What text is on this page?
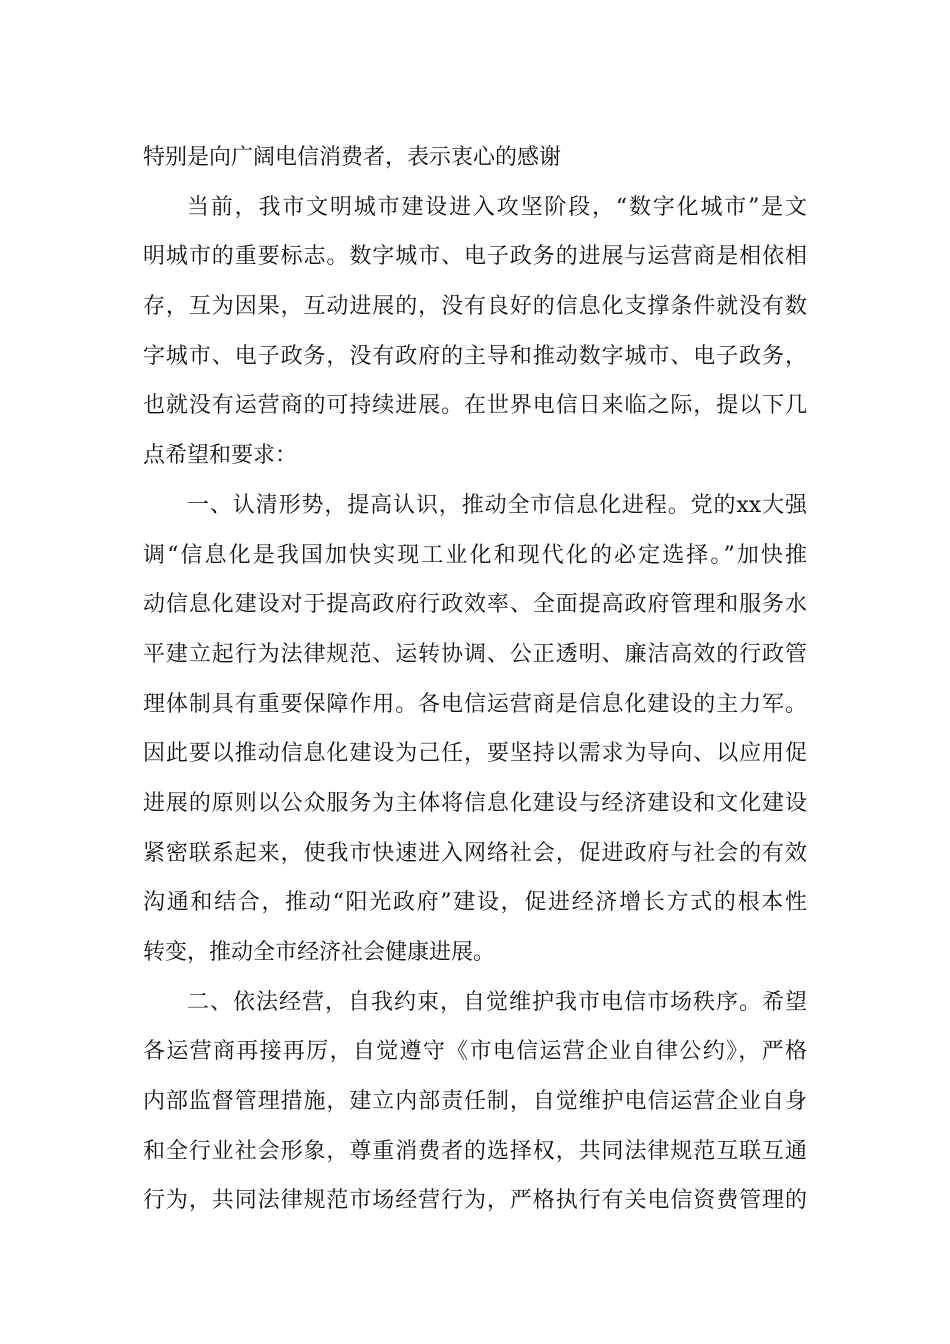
特别是向广阔电信消费者，表示衷心的感谢
当前，我市文明城市建设进入攻坚阶段，“数字化城市”是文
明城市的重要标志。数字城市、电子政务的进展与运营商是相依相
存，互为因果，互动进展的，没有良好的信息化支撑条件就没有数
字城市、电子政务，没有政府的主导和推动数字城市、电子政务，
也就没有运营商的可持续进展。在世界电信日来临之际，提以下几
点希望和要求：
一、认清形势，提高认识，推动全市信息化进程。党的xx大强
调“信息化是我国加快实现工业化和现代化的必定选择。”加快推
动信息化建设对于提高政府行政效率、全面提高政府管理和服务水
平建立起行为法律规范、运转协调、公正透明、廉洁高效的行政管
理体制具有重要保障作用。各电信运营商是信息化建设的主力军。
因此要以推动信息化建设为己任，要坚持以需求为导向、以应用促
进展的原则以公众服务为主体将信息化建设与经济建设和文化建设
紧密联系起来，使我市快速进入网络社会，促进政府与社会的有效
沟通和结合，推动“阳光政府”建设，促进经济增长方式的根本性
转变，推动全市经济社会健康进展。
二、依法经营，自我约束，自觉维护我市电信市场秩序。希望
各运营商再接再厉，自觉遵守《市电信运营企业自律公约》，严格
内部监督管理措施，建立内部责任制，自觉维护电信运营企业自身
和全行业社会形象，尊重消费者的选择权，共同法律规范互联互通
行为，共同法律规范市场经营行为，严格执行有关电信资费管理的
